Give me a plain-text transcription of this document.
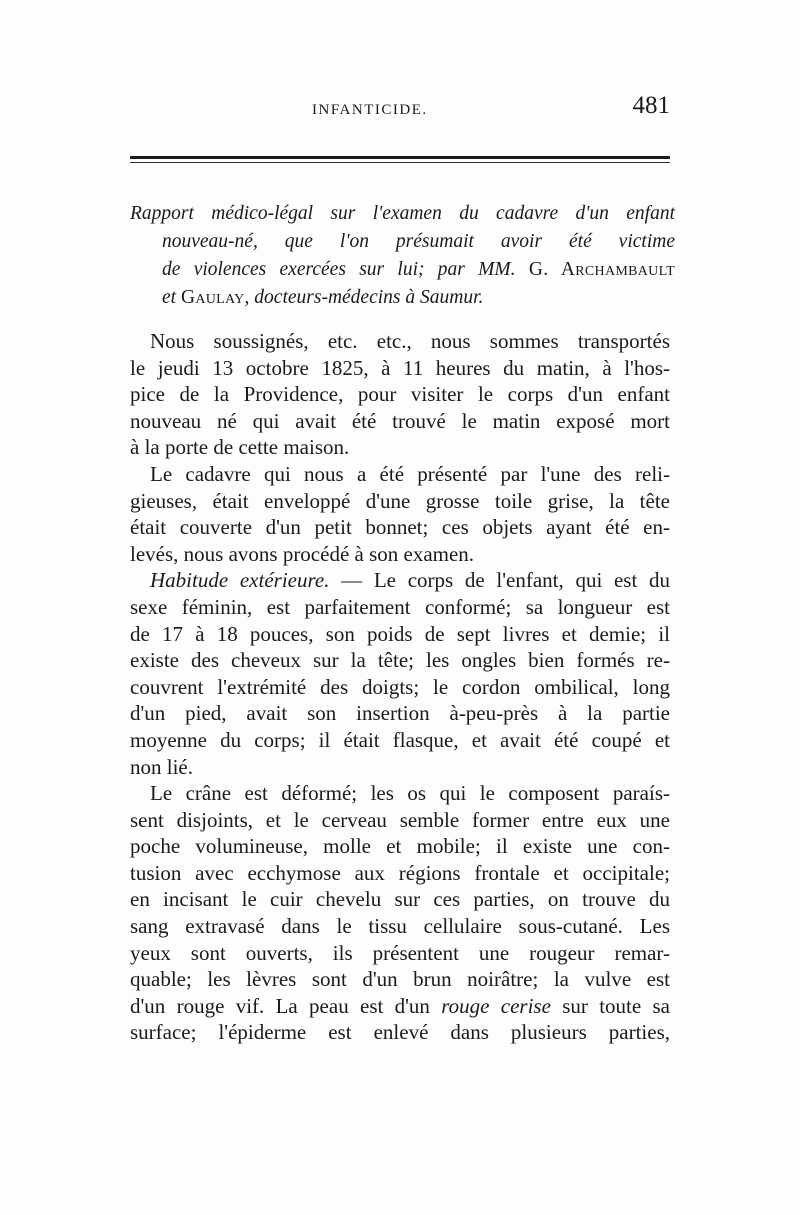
INFANTICIDE.	481
Rapport médico-légal sur l'examen du cadavre d'un enfant
nouveau-né, que l'on présumait avoir été victime
de violences exercées sur lui; par MM. G. Archambault
et Gaulay, docteurs-médecins à Saumur.
Nous soussignés, etc. etc., nous sommes transportés
le jeudi 13 octobre 1825, à 11 heures du matin, à l'hos-
pice de la Providence, pour visiter le corps d'un enfant
nouveau né qui avait été trouvé le matin exposé mort
à la porte de cette maison.
Le cadavre qui nous a été présenté par l'une des reli-
gieuses, était enveloppé d'une grosse toile grise, la tête
était couverte d'un petit bonnet; ces objets ayant été en-
levés, nous avons procédé à son examen.
Habitude extérieure. — Le corps de l'enfant, qui est du
sexe féminin, est parfaitement conformé; sa longueur est
de 17 à 18 pouces, son poids de sept livres et demie; il
existe des cheveux sur la tête; les ongles bien formés re-
couvrent l'extrémité des doigts; le cordon ombilical, long
d'un pied, avait son insertion à-peu-près à la partie
moyenne du corps; il était flasque, et avait été coupé et
non lié.
Le crâne est déformé; les os qui le composent paraís-
sent disjoints, et le cerveau semble former entre eux une
poche volumineuse, molle et mobile; il existe une con-
tusion avec ecchymose aux régions frontale et occipitale;
en incisant le cuir chevelu sur ces parties, on trouve du
sang extravasé dans le tissu cellulaire sous-cutané. Les
yeux sont ouverts, ils présentent une rougeur remar-
quable; les lèvres sont d'un brun noirâtre; la vulve est
d'un rouge vif. La peau est d'un rouge cerise sur toute sa
surface; l'épiderme est enlevé dans plusieurs parties,
